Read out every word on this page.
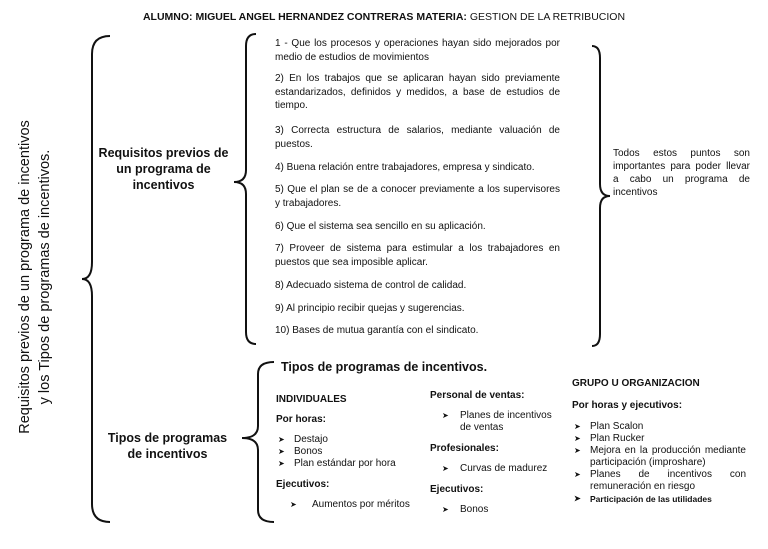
ALUMNO: MIGUEL ANGEL HERNANDEZ CONTRERAS MATERIA: GESTION DE LA RETRIBUCION
Requisitos previos de un programa de incentivos y los Tipos de programas de incentivos.	Requisitos previos de un programa de incentivos
Tipos de programas de incentivos
1 - Que los procesos y operaciones hayan sido mejorados por medio de estudios de movimientos
2) En los trabajos que se aplicaran hayan sido previamente estandarizados, definidos y medidos, a base de estudios de tiempo.
3) Correcta estructura de salarios, mediante valuación de puestos.
4) Buena relación entre trabajadores, empresa y sindicato.
5) Que el plan se de a conocer previamente a los supervisores y trabajadores.
6) Que el sistema sea sencillo en su aplicación.
7) Proveer de sistema para estimular a los trabajadores en puestos que sea imposible aplicar.
8) Adecuado sistema de control de calidad.
9) Al principio recibir quejas y sugerencias.
10) Bases de mutua garantía con el sindicato.
Todos estos puntos son importantes para poder llevar a cabo un programa de incentivos
Tipos de programas de incentivos.
INDIVIDUALES
Por horas:
➤ Destajo
➤ Bonos
➤ Plan estándar por hora
Ejecutivos:
➤ Aumentos por méritos
Personal de ventas:
➤ Planes de incentivos de ventas
Profesionales:
➤ Curvas de madurez
Ejecutivos:
➤ Bonos
GRUPO U ORGANIZACION
Por horas y ejecutivos:
➤ Plan Scalon
➤ Plan Rucker
➤ Mejora en la producción mediante participación (improshare)
➤ Planes de incentivos con remuneración en riesgo
➤ Participación de las utilidades
